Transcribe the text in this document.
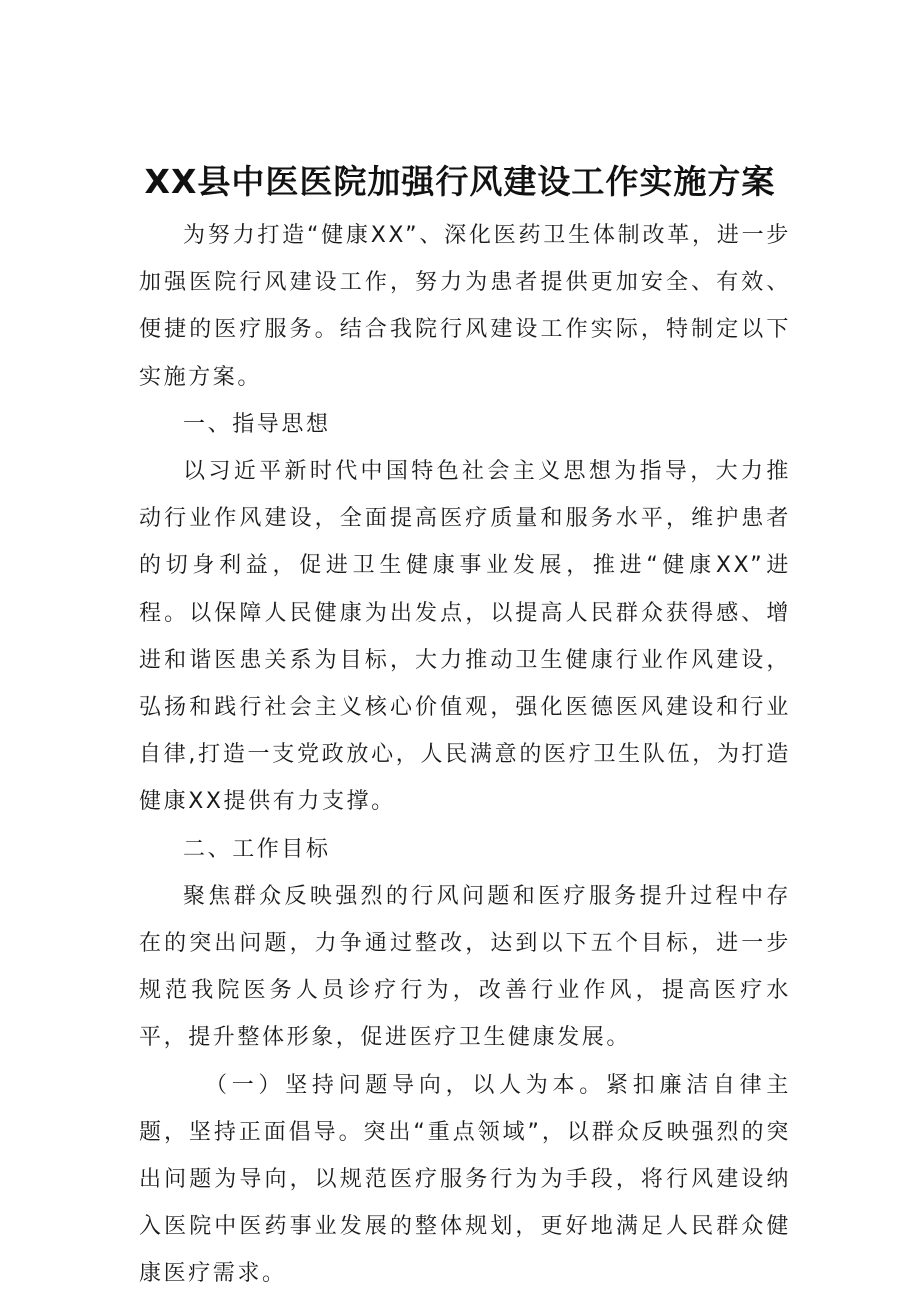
XX县中医医院加强行风建设工作实施方案

为努力打造“健康XX”、深化医药卫生体制改革，进一步加强医院行风建设工作，努力为患者提供更加安全、有效、便捷的医疗服务。结合我院行风建设工作实际，特制定以下实施方案。

一、指导思想

以习近平新时代中国特色社会主义思想为指导，大力推动行业作风建设，全面提高医疗质量和服务水平，维护患者的切身利益，促进卫生健康事业发展，推进“健康XX”进程。以保障人民健康为出发点，以提高人民群众获得感、增进和谐医患关系为目标，大力推动卫生健康行业作风建设，弘扬和践行社会主义核心价值观，强化医德医风建设和行业自律,打造一支党政放心，人民满意的医疗卫生队伍，为打造健康XX提供有力支撑。

二、工作目标

聚焦群众反映强烈的行风问题和医疗服务提升过程中存在的突出问题，力争通过整改，达到以下五个目标，进一步规范我院医务人员诊疗行为，改善行业作风，提高医疗水平，提升整体形象，促进医疗卫生健康发展。

（一）坚持问题导向，以人为本。紧扣廉洁自律主题，坚持正面倡导。突出“重点领域”，以群众反映强烈的突出问题为导向，以规范医疗服务行为为手段，将行风建设纳入医院中医药事业发展的整体规划，更好地满足人民群众健康医疗需求。
